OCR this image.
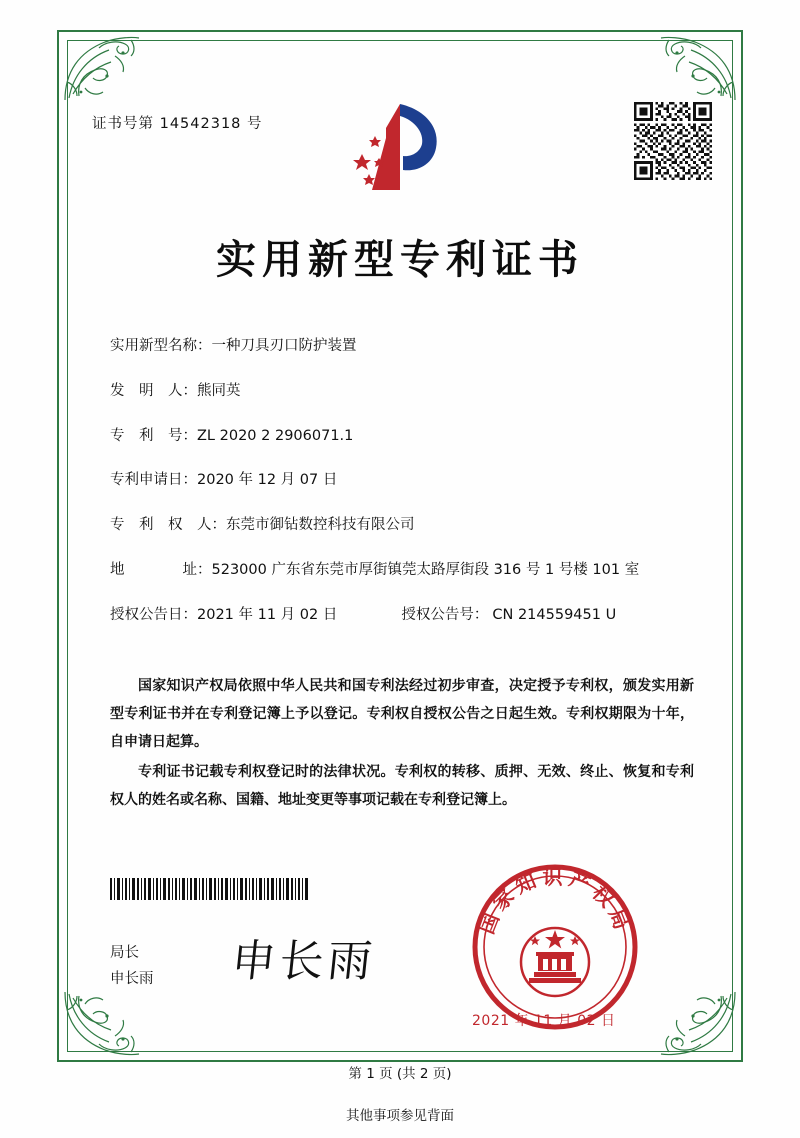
证书号第 14542318 号
实用新型专利证书
实用新型名称： 一种刀具刃口防护装置
发　明　人： 熊同英
专　利　号： ZL 2020 2 2906071.1
专利申请日： 2020 年 12 月 07 日
专　利　权　人： 东莞市御钻数控科技有限公司
地　　　　址： 523000 广东省东莞市厚街镇莞太路厚街段 316 号 1 号楼 101 室
授权公告日： 2021 年 11 月 02 日	授权公告号： CN 214559451 U

国家知识产权局依照中华人民共和国专利法经过初步审查，决定授予专利权，颁发实用新型专利证书并在专利登记簿上予以登记。专利权自授权公告之日起生效。专利权期限为十年，自申请日起算。

专利证书记载专利权登记时的法律状况。专利权的转移、质押、无效、终止、恢复和专利权人的姓名或名称、国籍、地址变更等事项记载在专利登记簿上。

局长
申长雨 申长雨
国家知识产权局
2021 年 11 月 02 日
第 1 页 (共 2 页)
其他事项参见背面
